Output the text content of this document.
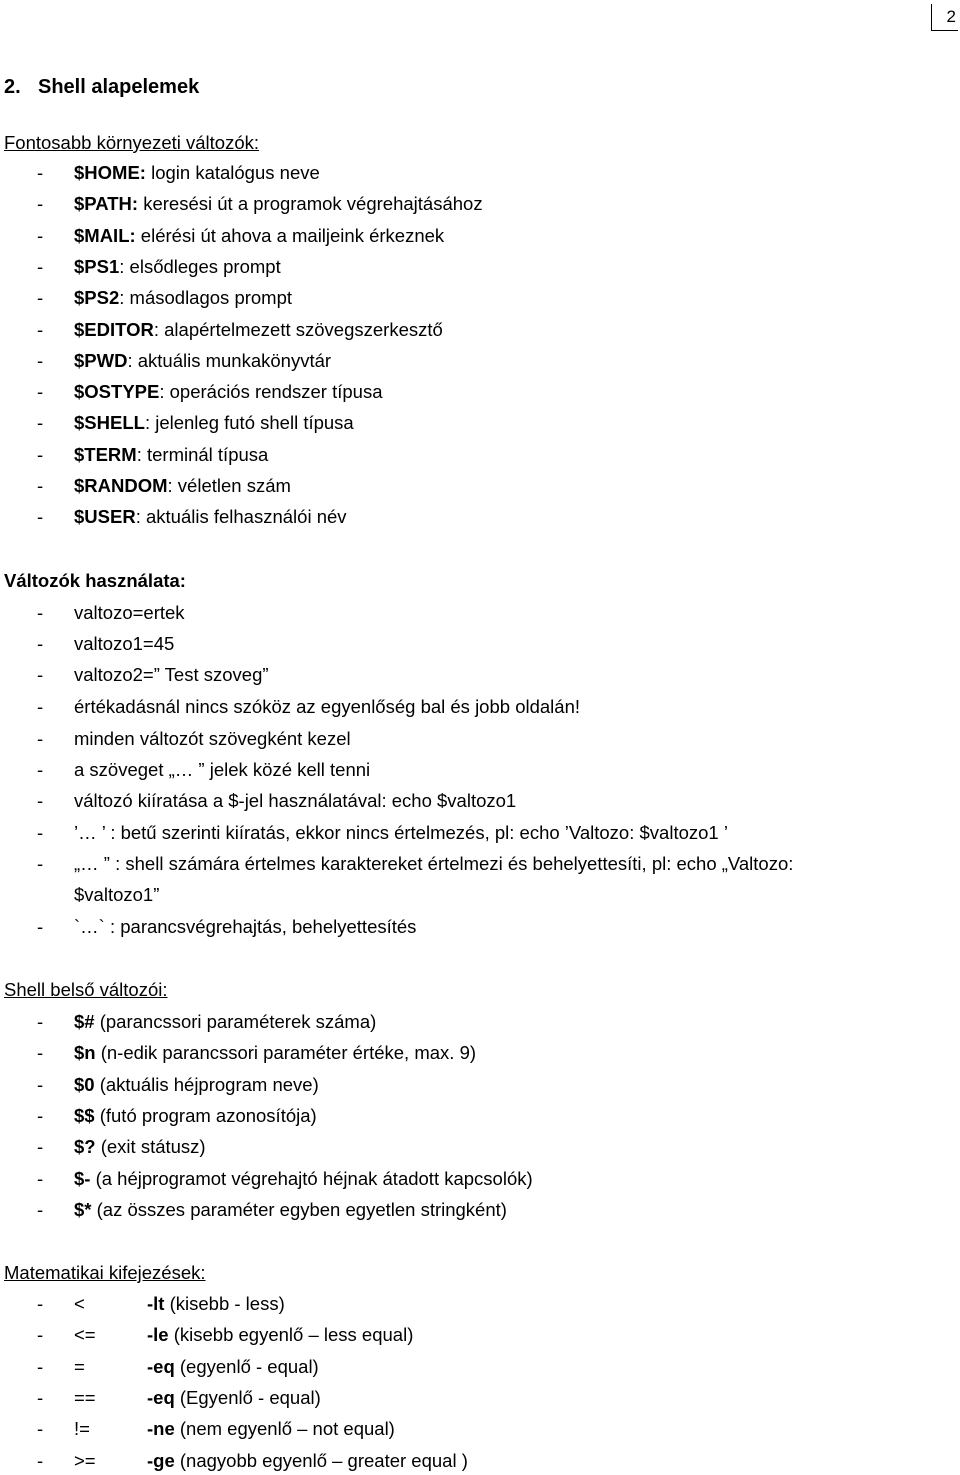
2
2. Shell alapelemek
Fontosabb környezeti változók:
- $HOME: login katalógus neve
- $PATH: keresési út a programok végrehajtásához
- $MAIL: elérési út ahova a mailjeink érkeznek
- $PS1: elsődleges prompt
- $PS2: másodlagos prompt
- $EDITOR: alapértelmezett szövegszerkesztő
- $PWD: aktuális munkakönyvtár
- $OSTYPE: operációs rendszer típusa
- $SHELL: jelenleg futó shell típusa
- $TERM: terminál típusa
- $RANDOM: véletlen szám
- $USER: aktuális felhasználói név
Változók használata:
- valtozo=ertek
- valtozo1=45
- valtozo2=” Test szoveg”
- értékadásnál nincs szóköz az egyenlőség bal és jobb oldalán!
- minden változót szövegként kezel
- a szöveget „… ” jelek közé kell tenni
- változó kiíratása a $-jel használatával: echo $valtozo1
- ’… ’ : betű szerinti kiíratás, ekkor nincs értelmezés, pl: echo ’Valtozo: $valtozo1 ’
- „… ” : shell számára értelmes karaktereket értelmezi és behelyettesíti, pl: echo „Valtozo:
- `…` : parancsvégrehajtás, behelyettesítés
$valtozo1”
Shell belső változói:
- $# (parancssori paraméterek száma)
- $n (n-edik parancssori paraméter értéke, max. 9)
- $0 (aktuális héjprogram neve)
- $$ (futó program azonosítója)
- $? (exit státusz)
- $- (a héjprogramot végrehajtó héjnak átadott kapcsolók)
- $* (az összes paraméter egyben egyetlen stringként)
Matematikai kifejezések:
- <	-lt (kisebb - less)
- <=	-le (kisebb egyenlő – less equal)
- =	-eq (egyenlő - equal)
- ==	-eq (Egyenlő - equal)
- !=	-ne (nem egyenlő – not equal)
- >=	-ge (nagyobb egyenlő – greater equal )
